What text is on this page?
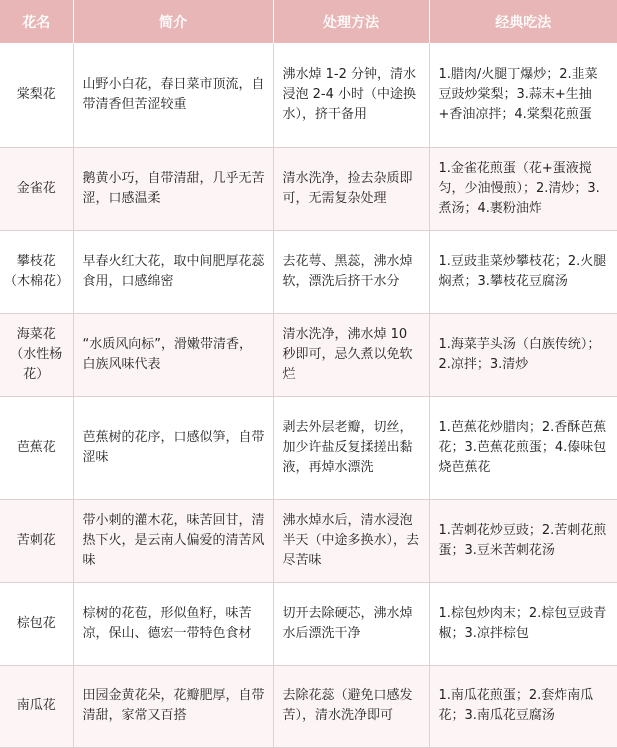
花名	简介	处理方法	经典吃法
棠梨花	山野小白花，春日菜市顶流，自带清香但苦涩较重	沸水焯 1-2 分钟，清水浸泡 2-4 小时（中途换水），挤干备用	1.腊肉/火腿丁爆炒；2.韭菜豆豉炒棠梨；3.蒜末+生抽+香油凉拌；4.棠梨花煎蛋
金雀花	鹅黄小巧，自带清甜，几乎无苦涩，口感温柔	清水洗净，捡去杂质即可，无需复杂处理	1.金雀花煎蛋（花+蛋液搅匀，少油慢煎）；2.清炒；3.煮汤；4.裹粉油炸
攀枝花（木棉花）	早春火红大花，取中间肥厚花蕊食用，口感绵密	去花萼、黑蕊，沸水焯软，漂洗后挤干水分	1.豆豉韭菜炒攀枝花；2.火腿焖煮；3.攀枝花豆腐汤
海菜花（水性杨花）	“水质风向标”，滑嫩带清香，白族风味代表	清水洗净，沸水焯 10 秒即可，忌久煮以免软烂	1.海菜芋头汤（白族传统）；2.凉拌；3.清炒
芭蕉花	芭蕉树的花序，口感似笋，自带涩味	剥去外层老瓣，切丝，加少许盐反复揉搓出黏液，再焯水漂洗	1.芭蕉花炒腊肉；2.香酥芭蕉花；3.芭蕉花煎蛋；4.傣味包烧芭蕉花
苦刺花	带小刺的灌木花，味苦回甘，清热下火，是云南人偏爱的清苦风味	沸水焯水后，清水浸泡半天（中途多换水），去尽苦味	1.苦刺花炒豆豉；2.苦刺花煎蛋；3.豆米苦刺花汤
棕包花	棕树的花苞，形似鱼籽，味苦凉，保山、德宏一带特色食材	切开去除硬芯，沸水焯水后漂洗干净	1.棕包炒肉末；2.棕包豆豉青椒；3.凉拌棕包
南瓜花	田园金黄花朵，花瓣肥厚，自带清甜，家常又百搭	去除花蕊（避免口感发苦），清水洗净即可	1.南瓜花煎蛋；2.套炸南瓜花；3.南瓜花豆腐汤
